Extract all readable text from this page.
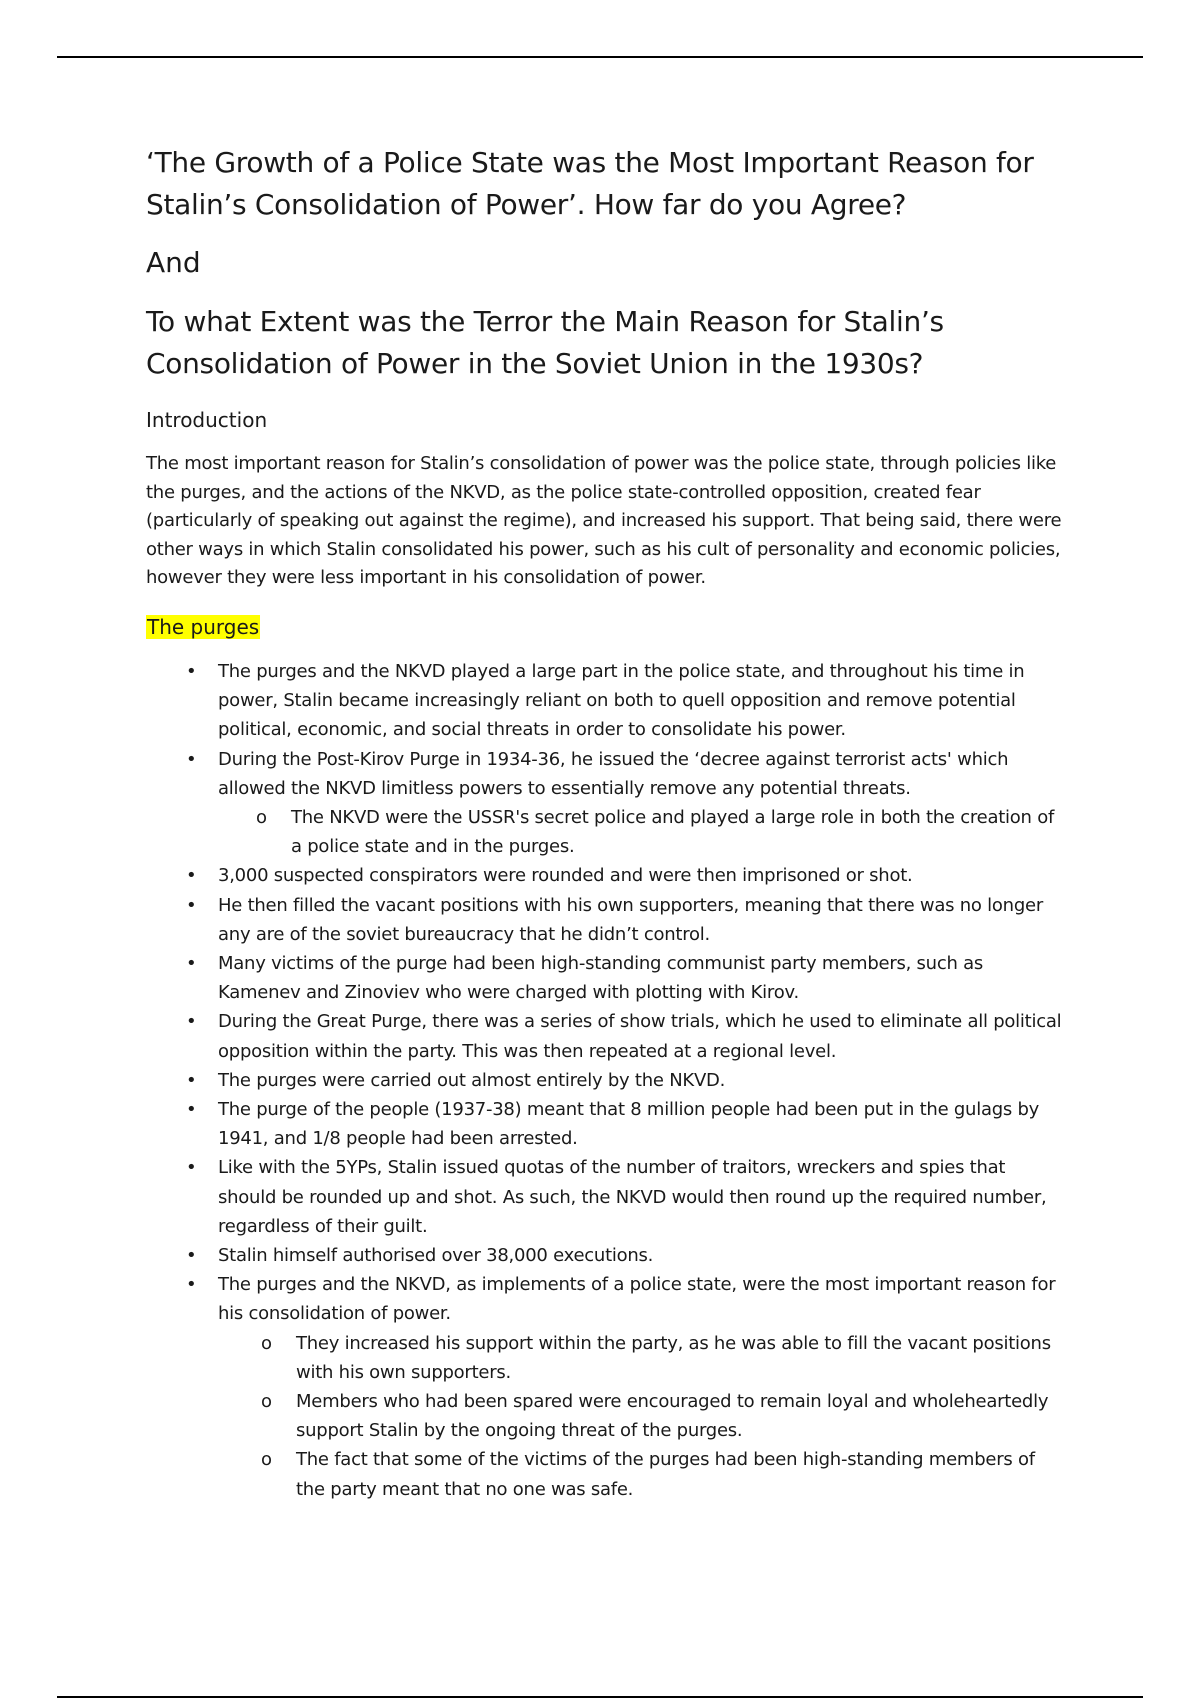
‘The Growth of a Police State was the Most Important Reason for Stalin’s Consolidation of Power’. How far do you Agree?
And
To what Extent was the Terror the Main Reason for Stalin’s Consolidation of Power in the Soviet Union in the 1930s?
Introduction

The most important reason for Stalin’s consolidation of power was the police state, through policies like the purges, and the actions of the NKVD, as the police state-controlled opposition, created fear (particularly of speaking out against the regime), and increased his support. That being said, there were other ways in which Stalin consolidated his power, such as his cult of personality and economic policies, however they were less important in his consolidation of power.

The purges
• The purges and the NKVD played a large part in the police state, and throughout his time in power, Stalin became increasingly reliant on both to quell opposition and remove potential political, economic, and social threats in order to consolidate his power.
• During the Post-Kirov Purge in 1934-36, he issued the ‘decree against terrorist acts' which allowed the NKVD limitless powers to essentially remove any potential threats.
o The NKVD were the USSR's secret police and played a large role in both the creation of a police state and in the purges.
• 3,000 suspected conspirators were rounded and were then imprisoned or shot.
• He then filled the vacant positions with his own supporters, meaning that there was no longer any are of the soviet bureaucracy that he didn’t control.
• Many victims of the purge had been high-standing communist party members, such as Kamenev and Zinoviev who were charged with plotting with Kirov.
• During the Great Purge, there was a series of show trials, which he used to eliminate all political opposition within the party. This was then repeated at a regional level.
• The purges were carried out almost entirely by the NKVD.
• The purge of the people (1937-38) meant that 8 million people had been put in the gulags by 1941, and 1/8 people had been arrested.
• Like with the 5YPs, Stalin issued quotas of the number of traitors, wreckers and spies that should be rounded up and shot. As such, the NKVD would then round up the required number, regardless of their guilt.
• Stalin himself authorised over 38,000 executions.
• The purges and the NKVD, as implements of a police state, were the most important reason for his consolidation of power.
o They increased his support within the party, as he was able to fill the vacant positions with his own supporters.
o Members who had been spared were encouraged to remain loyal and wholeheartedly support Stalin by the ongoing threat of the purges.
o The fact that some of the victims of the purges had been high-standing members of the party meant that no one was safe.
